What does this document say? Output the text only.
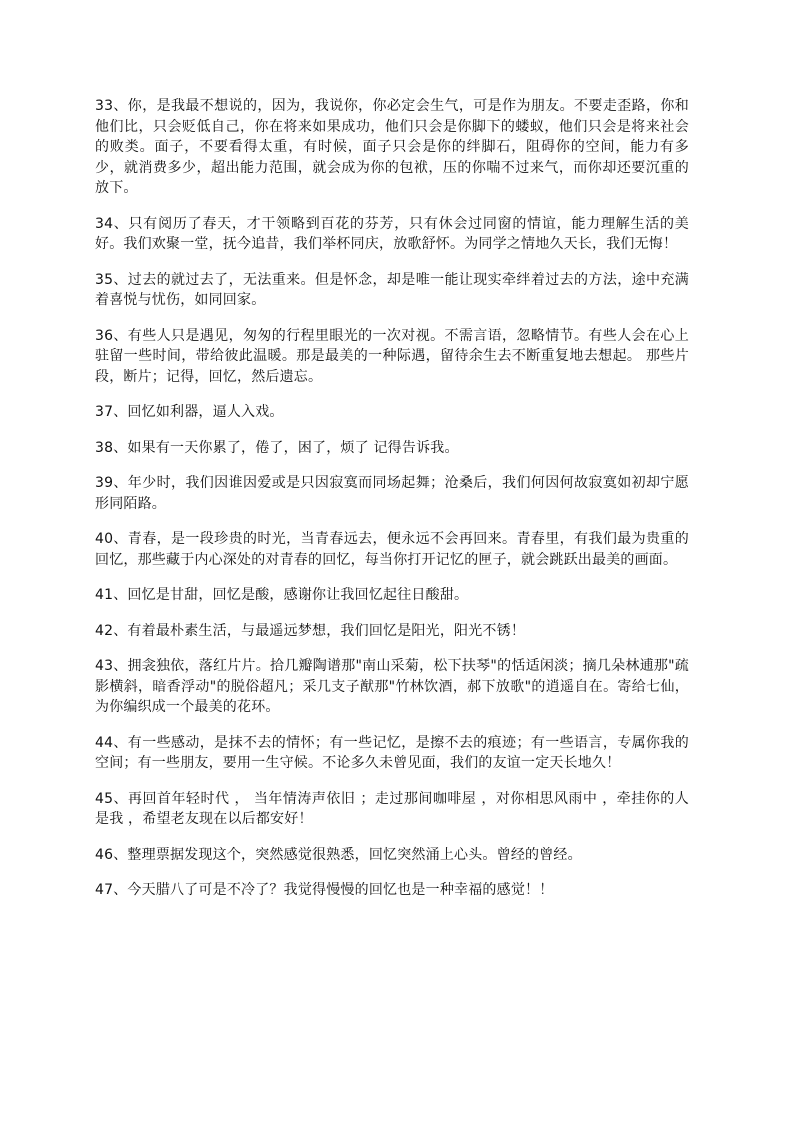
33、你，是我最不想说的，因为，我说你，你必定会生气，可是作为朋友。不要走歪路，你和他们比，只会贬低自己，你在将来如果成功，他们只会是你脚下的蝼蚁，他们只会是将来社会的败类。面子，不要看得太重，有时候，面子只会是你的绊脚石，阻碍你的空间，能力有多少，就消费多少，超出能力范围，就会成为你的包袱，压的你喘不过来气，而你却还要沉重的放下。

34、只有阅历了春天，才干领略到百花的芬芳，只有休会过同窗的情谊，能力理解生活的美好。我们欢聚一堂，抚今追昔，我们举杯同庆，放歌舒怀。为同学之情地久天长，我们无悔！

35、过去的就过去了，无法重来。但是怀念，却是唯一能让现实牵绊着过去的方法，途中充满着喜悦与忧伤，如同回家。

36、有些人只是遇见，匆匆的行程里眼光的一次对视。不需言语，忽略情节。有些人会在心上驻留一些时间，带给彼此温暖。那是最美的一种际遇，留待余生去不断重复地去想起。 那些片段，断片；记得，回忆，然后遗忘。

37、回忆如利器，逼人入戏。

38、如果有一天你累了，倦了，困了，烦了 记得告诉我。

39、年少时，我们因谁因爱或是只因寂寞而同场起舞；沧桑后，我们何因何故寂寞如初却宁愿形同陌路。

40、青春，是一段珍贵的时光，当青春远去，便永远不会再回来。青春里，有我们最为贵重的回忆，那些藏于内心深处的对青春的回忆，每当你打开记忆的匣子，就会跳跃出最美的画面。

41、回忆是甘甜，回忆是酸，感谢你让我回忆起往日酸甜。

42、有着最朴素生活，与最遥远梦想，我们回忆是阳光，阳光不锈！

43、拥衾独依，落红片片。拾几瓣陶谱那"南山采菊，松下扶琴"的恬适闲淡；摘几朵林逋那"疏影横斜，暗香浮动"的脱俗超凡；采几支子猷那"竹林饮酒，郝下放歌"的逍遥自在。寄给七仙，为你编织成一个最美的花环。

44、有一些感动，是抹不去的情怀；有一些记忆，是擦不去的痕迹；有一些语言，专属你我的空间；有一些朋友，要用一生守候。不论多久未曾见面，我们的友谊一定天长地久！

45、再回首年轻时代 ， 当年情涛声依旧 ；走过那间咖啡屋 ，对你相思风雨中 ，牵挂你的人是我 ，希望老友现在以后都安好！

46、整理票据发现这个，突然感觉很熟悉，回忆突然涌上心头。曾经的曾经。

47、今天腊八了可是不冷了？我觉得慢慢的回忆也是一种幸福的感觉！！
